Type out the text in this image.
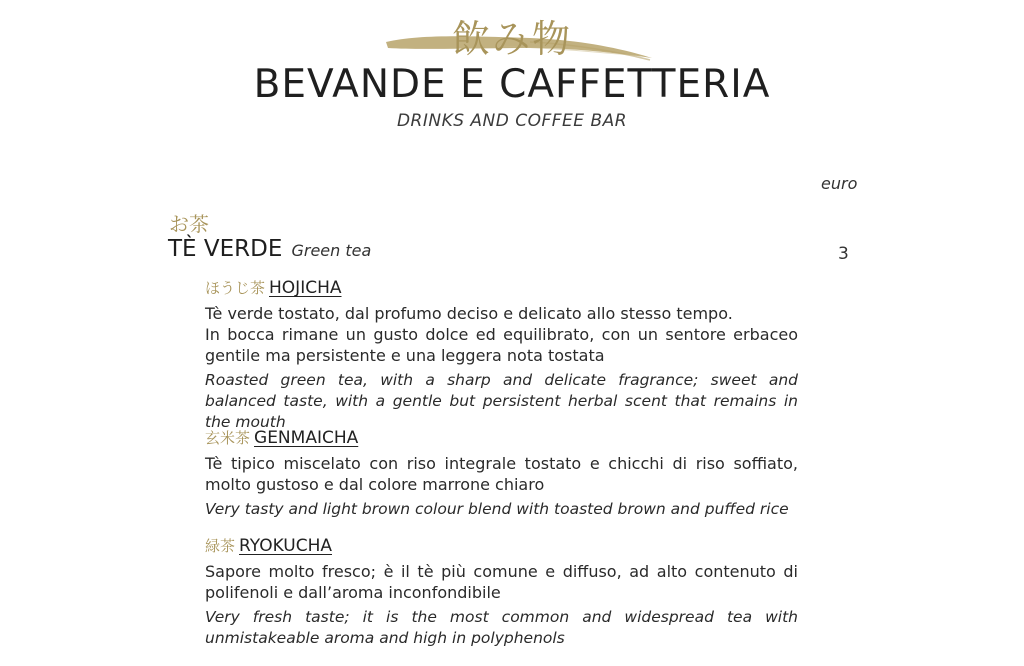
飲み物
BEVANDE E CAFFETTERIA
DRINKS AND COFFEE BAR
euro
お茶
TÈ VERDE Green tea	3
ほうじ茶 HOJICHA
Tè verde tostato, dal profumo deciso e delicato allo stesso tempo.
In bocca rimane un gusto dolce ed equilibrato, con un sentore erbaceo gentile ma persistente e una leggera nota tostata
Roasted green tea, with a sharp and delicate fragrance; sweet and balanced taste, with a gentle but persistent herbal scent that remains in the mouth
玄米茶 GENMAICHA
Tè tipico miscelato con riso integrale tostato e chicchi di riso soffiato, molto gustoso e dal colore marrone chiaro
Very tasty and light brown colour blend with toasted brown and puffed rice
緑茶 RYOKUCHA
Sapore molto fresco; è il tè più comune e diffuso, ad alto contenuto di polifenoli e dall’aroma inconfondibile
Very fresh taste; it is the most common and widespread tea with unmistakeable aroma and high in polyphenols
